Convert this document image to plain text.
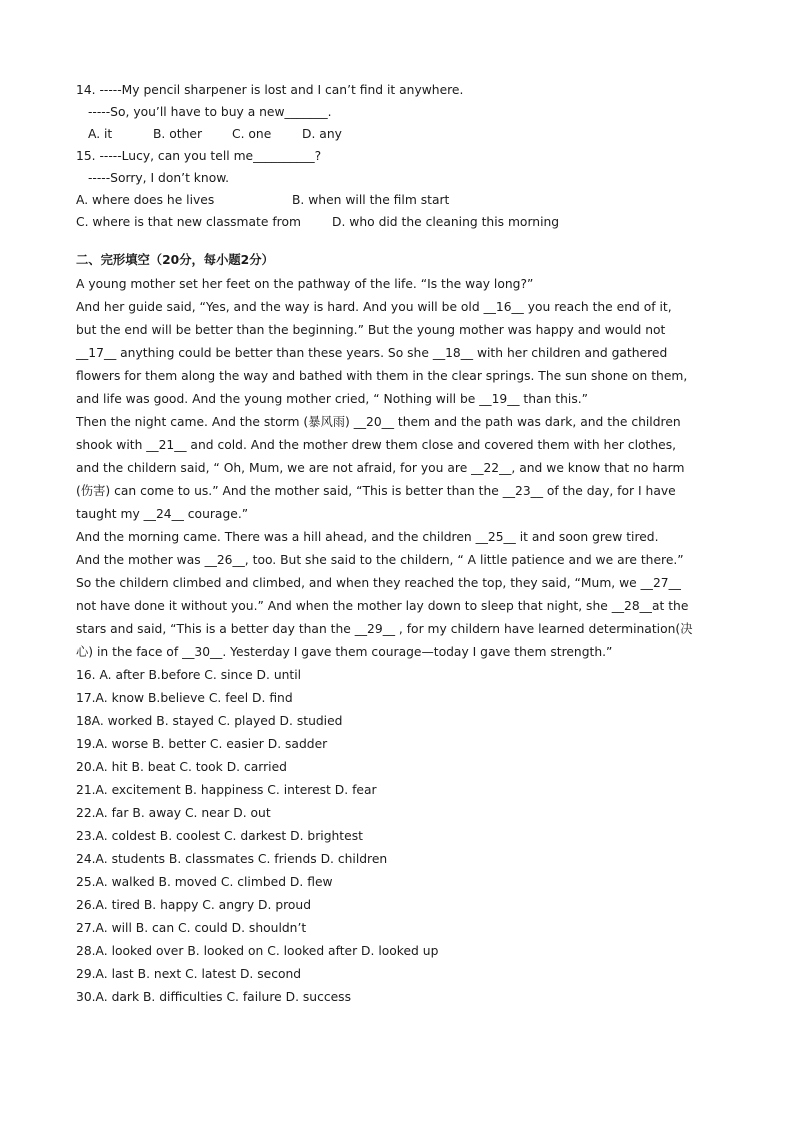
14. -----My pencil sharpener is lost and I can’t find it anywhere.
-----So, you’ll have to buy a new_______.
A. it	B. other C. one D. any
15. -----Lucy, can you tell me__________?
-----Sorry, I don’t know.
A. where does he lives	B. when will the film start
C. where is that new classmate from	D. who did the cleaning this morning
二、完形填空（20分，每小题2分）
A young mother set her feet on the pathway of the life. “Is the way long?”
And her guide said, “Yes, and the way is hard. And you will be old __16__ you reach the end of it,
but the end will be better than the beginning.” But the young mother was happy and would not
__17__ anything could be better than these years. So she __18__ with her children and gathered
flowers for them along the way and bathed with them in the clear springs. The sun shone on them,
and life was good. And the young mother cried, “ Nothing will be __19__ than this.”
Then the night came. And the storm (暴风雨) __20__ them and the path was dark, and the children
shook with __21__ and cold. And the mother drew them close and covered them with her clothes,
and the childern said, “ Oh, Mum, we are not afraid, for you are __22__, and we know that no harm
(伤害) can come to us.” And the mother said, “This is better than the __23__ of the day, for I have
taught my __24__ courage.”
And the morning came. There was a hill ahead, and the children __25__ it and soon grew tired.
And the mother was __26__, too. But she said to the childern, “ A little patience and we are there.”
So the childern climbed and climbed, and when they reached the top, they said, “Mum, we __27__
not have done it without you.” And when the mother lay down to sleep that night, she __28__at the
stars and said, “This is a better day than the __29__ , for my childern have learned determination(决
心) in the face of __30__. Yesterday I gave them courage—today I gave them strength.”
16. A. after B.before C. since D. until
17.A. know B.believe C. feel D. find
18A. worked B. stayed C. played D. studied
19.A. worse B. better C. easier D. sadder
20.A. hit B. beat C. took D. carried
21.A. excitement B. happiness C. interest D. fear
22.A. far B. away C. near D. out
23.A. coldest B. coolest C. darkest D. brightest
24.A. students B. classmates C. friends D. children
25.A. walked B. moved C. climbed D. flew
26.A. tired B. happy C. angry D. proud
27.A. will B. can C. could D. shouldn’t
28.A. looked over B. looked on C. looked after D. looked up
29.A. last B. next C. latest D. second
30.A. dark B. difficulties C. failure D. success
